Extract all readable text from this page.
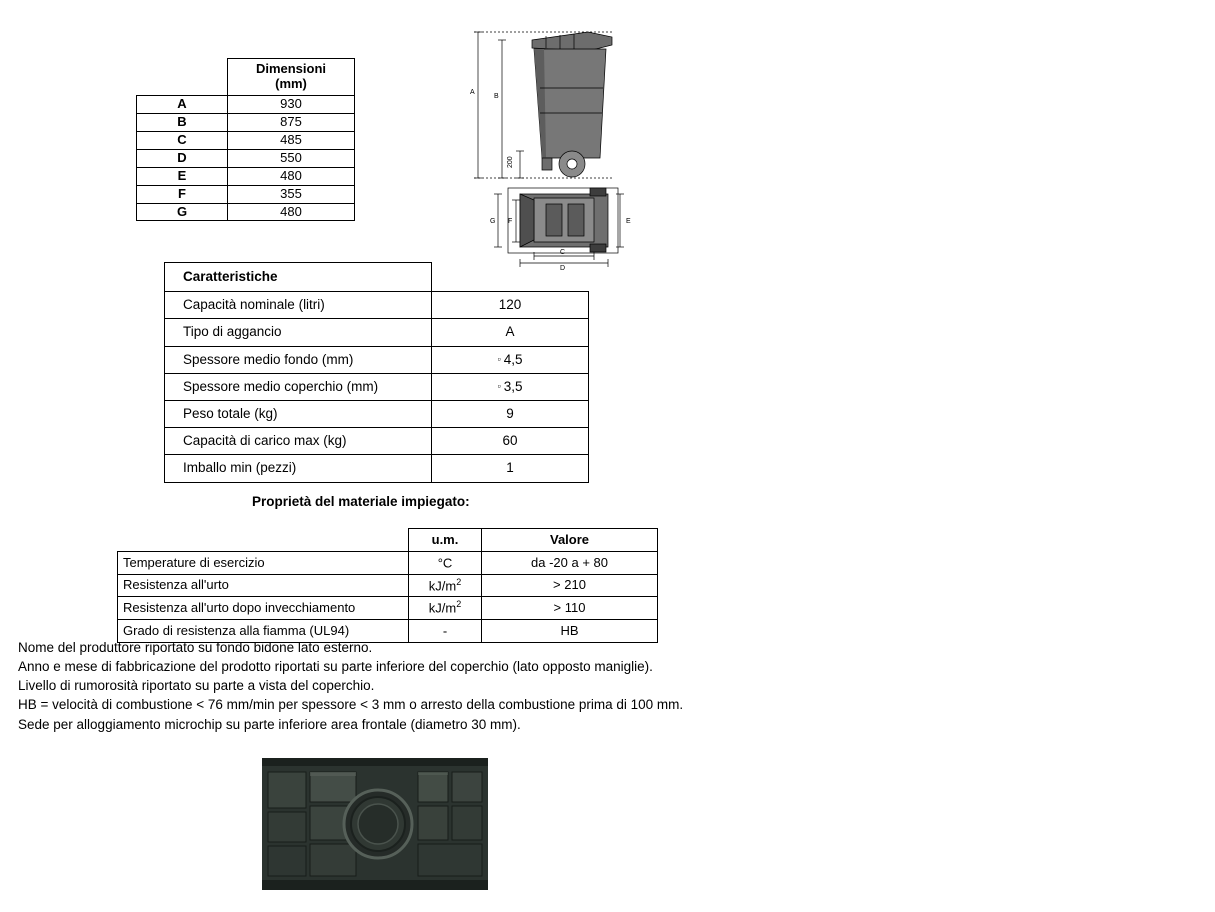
	Dimensioni
(mm)
A	930
B	875
C	485
D	550
E	480
F	355
G	480
A
B
200
G F	E
C
D
Caratteristiche	
Capacità nominale (litri)	120
Tipo di aggancio	A
Spessore medio fondo (mm)	▫ 4,5
Spessore medio coperchio (mm)	▫ 3,5
Peso totale (kg)	9
Capacità di carico max (kg)	60
Imballo min (pezzi)	1
Proprietà del materiale impiegato:
	u.m.	Valore
Temperature di esercizio	°C	da -20 a + 80
Resistenza all'urto	$kJ/m^2$	> 210
Resistenza all'urto dopo invecchiamento	$kJ/m^2$	> 110
Grado di resistenza alla fiamma (UL94)	-	HB
Nome del produttore riportato su fondo bidone lato esterno.
Anno e mese di fabbricazione del prodotto riportati su parte inferiore del coperchio (lato opposto maniglie).
Livello di rumorosità riportato su parte a vista del coperchio.
HB = velocità di combustione < 76 mm/min per spessore < 3 mm o arresto della combustione prima di 100 mm.
Sede per alloggiamento microchip su parte inferiore area frontale (diametro 30 mm).
